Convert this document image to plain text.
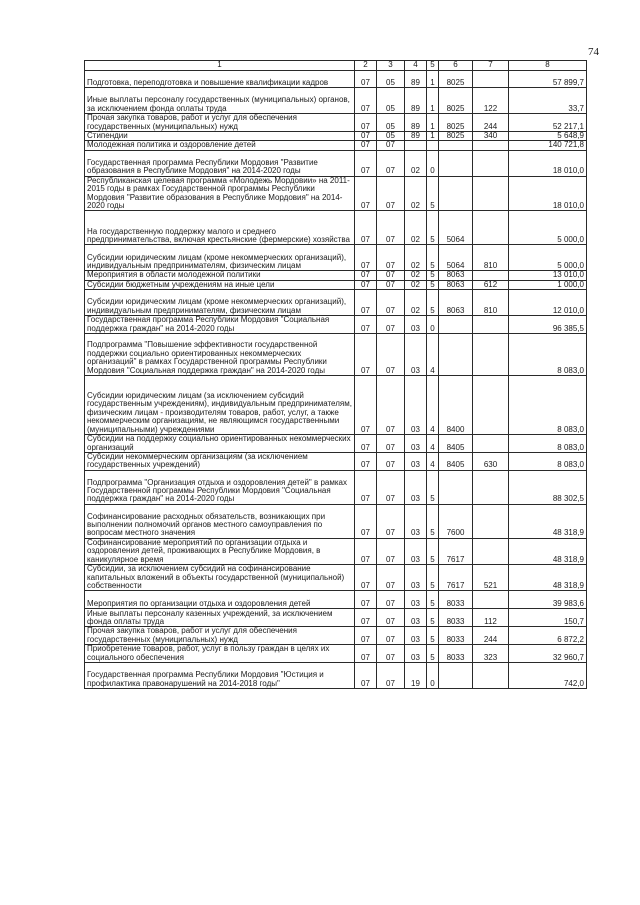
74
1	2	3	4	5	6	7	8
Подготовка, переподготовка и повышение квалификации кадров	07	05	89	1	8025		57 899,7
Иные выплаты персоналу государственных (муниципальных) органов, за исключением фонда оплаты труда	07	05	89	1	8025	122	33,7
Прочая закупка товаров, работ и услуг для обеспечения государственных (муниципальных) нужд	07	05	89	1	8025	244	52 217,1
Стипендии	07	05	89	1	8025	340	5 648,9
Молодежная политика и оздоровление детей	07	07					140 721,8
Государственная программа Республики Мордовия "Развитие образования в Республике Мордовия" на 2014-2020 годы	07	07	02	0			18 010,0
Республиканская целевая программа «Молодежь Мордовии» на 2011-2015 годы в рамках Государственной программы Республики Мордовия "Развитие образования в Республике Мордовия" на 2014-2020 годы	07	07	02	5			18 010,0
На государственную поддержку малого и среднего предпринимательства, включая крестьянские (фермерские) хозяйства	07	07	02	5	5064		5 000,0
Субсидии юридическим лицам (кроме некоммерческих организаций), индивидуальным предпринимателям, физическим лицам	07	07	02	5	5064	810	5 000,0
Мероприятия в области молодежной политики	07	07	02	5	8063		13 010,0
Субсидии бюджетным учреждениям на иные цели	07	07	02	5	8063	612	1 000,0
Субсидии юридическим лицам (кроме некоммерческих организаций), индивидуальным предпринимателям, физическим лицам	07	07	02	5	8063	810	12 010,0
Государственная программа Республики Мордовия "Социальная поддержка граждан" на 2014-2020 годы	07	07	03	0			96 385,5
Подпрограмма "Повышение эффективности государственной поддержки социально ориентированных некоммерческих организаций" в рамках Государственной программы Республики Мордовия "Социальная поддержка граждан" на 2014-2020 годы	07	07	03	4			8 083,0
Субсидии юридическим лицам (за исключением субсидий государственным учреждениям), индивидуальным предпринимателям, физическим лицам - производителям товаров, работ, услуг, а также некоммерческим организациям, не являющимся государственными (муниципальными) учреждениями	07	07	03	4	8400		8 083,0
Субсидии на поддержку социально ориентированных некоммерческих организаций	07	07	03	4	8405		8 083,0
Субсидии некоммерческим организациям (за исключением государственных учреждений)	07	07	03	4	8405	630	8 083,0
Подпрограмма "Организация отдыха и оздоровления детей" в рамках Государственной программы Республики Мордовия "Социальная поддержка граждан" на 2014-2020 годы	07	07	03	5			88 302,5
Софинансирование расходных обязательств, возникающих при выполнении полномочий органов местного самоуправления по вопросам местного значения	07	07	03	5	7600		48 318,9
Софинансирование мероприятий по организации отдыха и оздоровления детей, проживающих в Республике Мордовия, в каникулярное время	07	07	03	5	7617		48 318,9
Субсидии, за исключением субсидий на софинансирование капитальных вложений в объекты государственной (муниципальной) собственности	07	07	03	5	7617	521	48 318,9
Мероприятия по организации отдыха и оздоровления детей	07	07	03	5	8033		39 983,6
Иные выплаты персоналу казенных учреждений, за исключением фонда оплаты труда	07	07	03	5	8033	112	150,7
Прочая закупка товаров, работ и услуг для обеспечения государственных (муниципальных) нужд	07	07	03	5	8033	244	6 872,2
Приобретение товаров, работ, услуг в пользу граждан в целях их социального обеспечения	07	07	03	5	8033	323	32 960,7
Государственная программа Республики Мордовия "Юстиция и профилактика правонарушений на 2014-2018 годы"	07	07	19	0			742,0
